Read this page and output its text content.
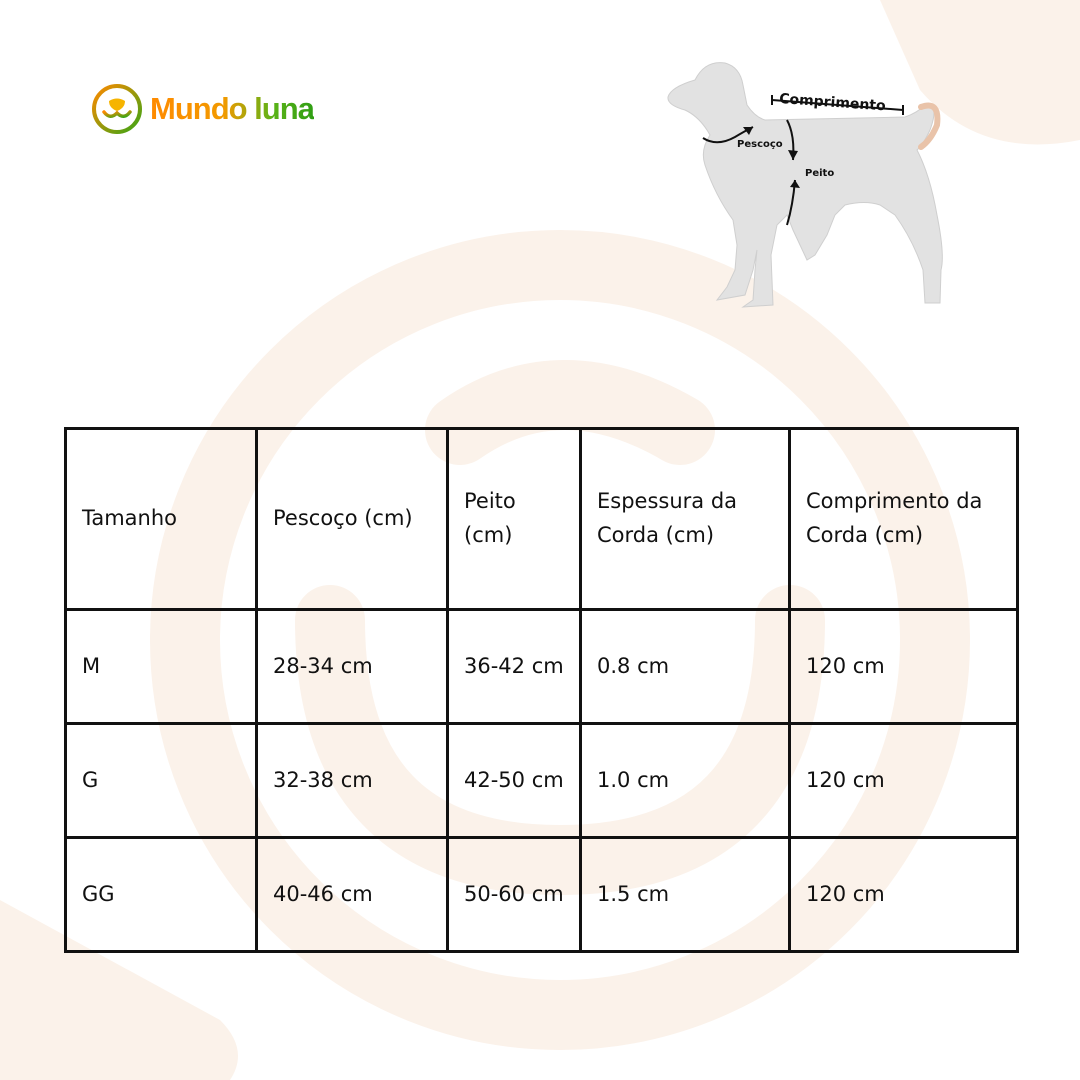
Mundo luna	Comprimento
Pescoço
Peito
Tamanho	Pescoço (cm)	Peito (cm)	Espessura da Corda (cm)	Comprimento da Corda (cm)
M	28-34 cm	36-42 cm	0.8 cm	120 cm
G	32-38 cm	42-50 cm	1.0 cm	120 cm
GG	40-46 cm	50-60 cm	1.5 cm	120 cm
